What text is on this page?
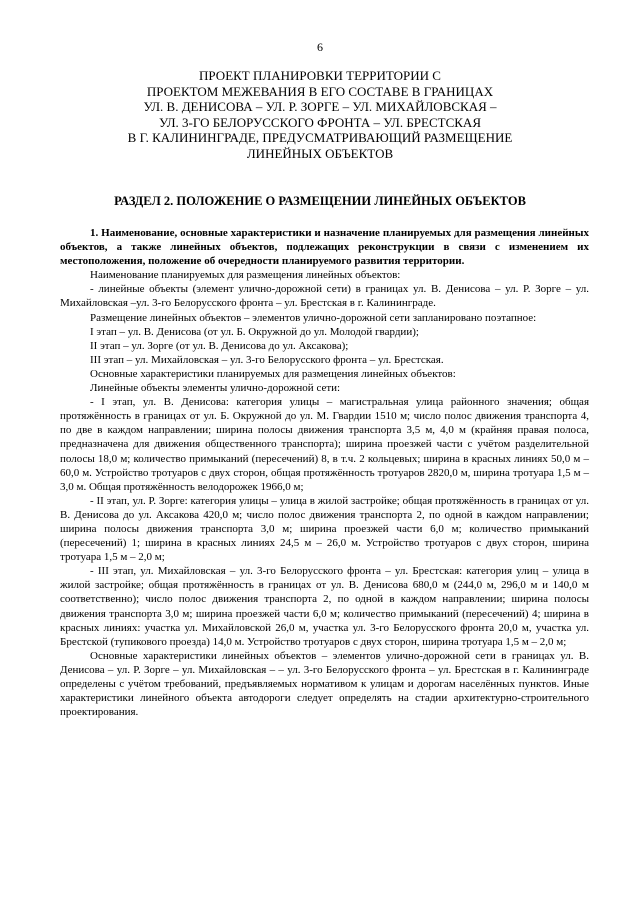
6
ПРОЕКТ ПЛАНИРОВКИ ТЕРРИТОРИИ С
ПРОЕКТОМ МЕЖЕВАНИЯ В ЕГО СОСТАВЕ В ГРАНИЦАХ
УЛ. В. ДЕНИСОВА – УЛ. Р. ЗОРГЕ – УЛ. МИХАЙЛОВСКАЯ –
УЛ. 3-ГО БЕЛОРУССКОГО ФРОНТА – УЛ. БРЕСТСКАЯ
В Г. КАЛИНИНГРАДЕ, ПРЕДУСМАТРИВАЮЩИЙ РАЗМЕЩЕНИЕ
ЛИНЕЙНЫХ ОБЪЕКТОВ
РАЗДЕЛ 2. ПОЛОЖЕНИЕ О РАЗМЕЩЕНИИ ЛИНЕЙНЫХ ОБЪЕКТОВ

1. Наименование, основные характеристики и назначение планируемых для размещения линейных объектов, а также линейных объектов, подлежащих реконструкции в связи с изменением их местоположения, положение об очередности планируемого развития территории.

Наименование планируемых для размещения линейных объектов:

- линейные объекты (элемент улично-дорожной сети) в границах ул. В. Денисова – ул. Р. Зорге – ул. Михайловская –ул. 3-го Белорусского фронта – ул. Брестская в г. Калининграде.

Размещение линейных объектов – элементов улично-дорожной сети запланировано поэтапное:

I этап – ул. В. Денисова (от ул. Б. Окружной до ул. Молодой гвардии);

II этап – ул. Зорге (от ул. В. Денисова до ул. Аксакова);

III этап – ул. Михайловская – ул. 3-го Белорусского фронта – ул. Брестская.

Основные характеристики планируемых для размещения линейных объектов:

Линейные объекты элементы улично-дорожной сети:

- I этап, ул. В. Денисова: категория улицы – магистральная улица районного значения; общая протяжённость в границах от ул. Б. Окружной до ул. М. Гвардии 1510 м; число полос движения транспорта 4, по две в каждом направлении; ширина полосы движения транспорта 3,5 м, 4,0 м (крайняя правая полоса, предназначена для движения общественного транспорта); ширина проезжей части с учётом разделительной полосы 18,0 м; количество примыканий (пересечений) 8, в т.ч. 2 кольцевых; ширина в красных линиях 50,0 м – 60,0 м. Устройство тротуаров с двух сторон, общая протяжённость тротуаров 2820,0 м, ширина тротуара 1,5 м – 3,0 м. Общая протяжённость велодорожек 1966,0 м;

- II этап, ул. Р. Зорге: категория улицы – улица в жилой застройке; общая протяжённость в границах от ул. В. Денисова до ул. Аксакова 420,0 м; число полос движения транспорта 2, по одной в каждом направлении; ширина полосы движения транспорта 3,0 м; ширина проезжей части 6,0 м; количество примыканий (пересечений) 1; ширина в красных линиях 24,5 м – 26,0 м. Устройство тротуаров с двух сторон, ширина тротуара 1,5 м – 2,0 м;

- III этап, ул. Михайловская – ул. 3-го Белорусского фронта – ул. Брестская: категория улиц – улица в жилой застройке; общая протяжённость в границах от ул. В. Денисова 680,0 м (244,0 м, 296,0 м и 140,0 м соответственно); число полос движения транспорта 2, по одной в каждом направлении; ширина полосы движения транспорта 3,0 м; ширина проезжей части 6,0 м; количество примыканий (пересечений) 4; ширина в красных линиях: участка ул. Михайловской 26,0 м, участка ул. 3-го Белорусского фронта 20,0 м, участка ул. Брестской (тупикового проезда) 14,0 м. Устройство тротуаров с двух сторон, ширина тротуара 1,5 м – 2,0 м;

Основные характеристики линейных объектов – элементов улично-дорожной сети в границах ул. В. Денисова – ул. Р. Зорге – ул. Михайловская – – ул. 3-го Белорусского фронта – ул. Брестская в г. Калининграде определены с учётом требований, предъявляемых нормативом к улицам и дорогам населённых пунктов. Иные характеристики линейного объекта автодороги следует определять на стадии архитектурно-строительного проектирования.
